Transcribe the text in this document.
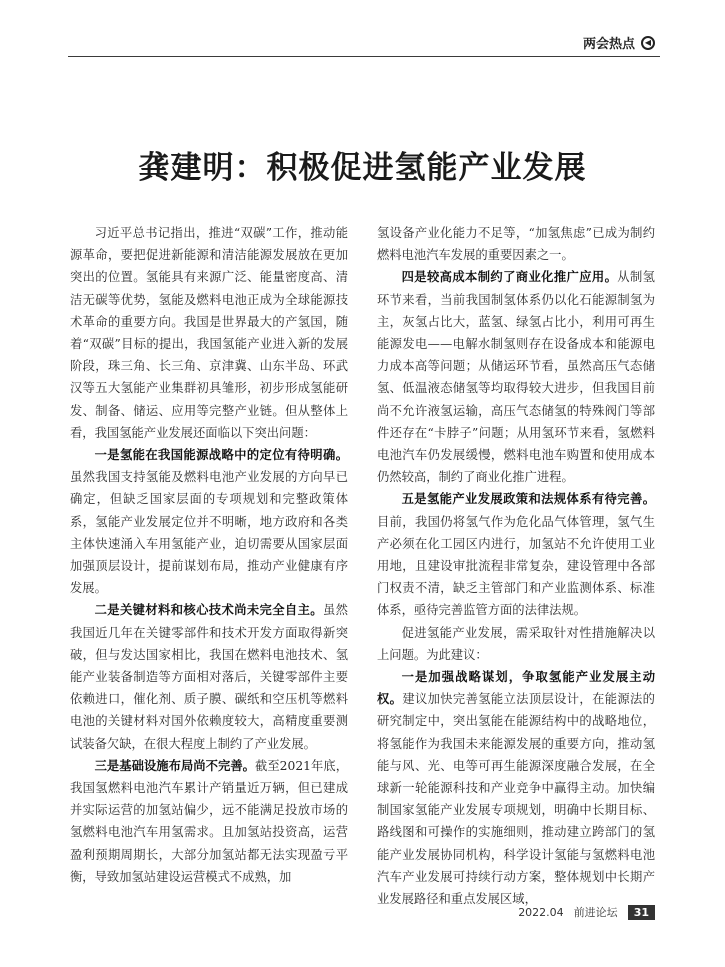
两会热点	◀
龚建明：积极促进氢能产业发展

习近平总书记指出，推进“双碳”工作，推动能源革命，要把促进新能源和清洁能源发展放在更加突出的位置。氢能具有来源广泛、能量密度高、清洁无碳等优势，氢能及燃料电池正成为全球能源技术革命的重要方向。我国是世界最大的产氢国，随着“双碳”目标的提出，我国氢能产业进入新的发展阶段，珠三角、长三角、京津冀、山东半岛、环武汉等五大氢能产业集群初具雏形，初步形成氢能研发、制备、储运、应用等完整产业链。但从整体上看，我国氢能产业发展还面临以下突出问题：

一是氢能在我国能源战略中的定位有待明确。虽然我国支持氢能及燃料电池产业发展的方向早已确定，但缺乏国家层面的专项规划和完整政策体系，氢能产业发展定位并不明晰，地方政府和各类主体快速涌入车用氢能产业，迫切需要从国家层面加强顶层设计，提前谋划布局，推动产业健康有序发展。

二是关键材料和核心技术尚未完全自主。虽然我国近几年在关键零部件和技术开发方面取得新突破，但与发达国家相比，我国在燃料电池技术、氢能产业装备制造等方面相对落后，关键零部件主要依赖进口，催化剂、质子膜、碳纸和空压机等燃料电池的关键材料对国外依赖度较大，高精度重要测试装备欠缺，在很大程度上制约了产业发展。

三是基础设施布局尚不完善。截至2021年底，我国氢燃料电池汽车累计产销量近万辆，但已建成并实际运营的加氢站偏少，远不能满足投放市场的氢燃料电池汽车用氢需求。且加氢站投资高，运营盈利预期周期长，大部分加氢站都无法实现盈亏平衡，导致加氢站建设运营模式不成熟，加

氢设备产业化能力不足等，“加氢焦虑”已成为制约燃料电池汽车发展的重要因素之一。

四是较高成本制约了商业化推广应用。从制氢环节来看，当前我国制氢体系仍以化石能源制氢为主，灰氢占比大，蓝氢、绿氢占比小，利用可再生能源发电——电解水制氢则存在设备成本和能源电力成本高等问题；从储运环节看，虽然高压气态储氢、低温液态储氢等均取得较大进步，但我国目前尚不允许液氢运输，高压气态储氢的特殊阀门等部件还存在“卡脖子”问题；从用氢环节来看，氢燃料电池汽车仍发展缓慢，燃料电池车购置和使用成本仍然较高，制约了商业化推广进程。

五是氢能产业发展政策和法规体系有待完善。目前，我国仍将氢气作为危化品气体管理，氢气生产必须在化工园区内进行，加氢站不允许使用工业用地，且建设审批流程非常复杂，建设管理中各部门权责不清，缺乏主管部门和产业监测体系、标准体系，亟待完善监管方面的法律法规。

促进氢能产业发展，需采取针对性措施解决以上问题。为此建议：

一是加强战略谋划，争取氢能产业发展主动权。建议加快完善氢能立法顶层设计，在能源法的研究制定中，突出氢能在能源结构中的战略地位，将氢能作为我国未来能源发展的重要方向，推动氢能与风、光、电等可再生能源深度融合发展，在全球新一轮能源科技和产业竞争中赢得主动。加快编制国家氢能产业发展专项规划，明确中长期目标、路线图和可操作的实施细则，推动建立跨部门的氢能产业发展协同机构，科学设计氢能与氢燃料电池汽车产业发展可持续行动方案，整体规划中长期产业发展路径和重点发展区域，

2022.04 前进论坛	31
